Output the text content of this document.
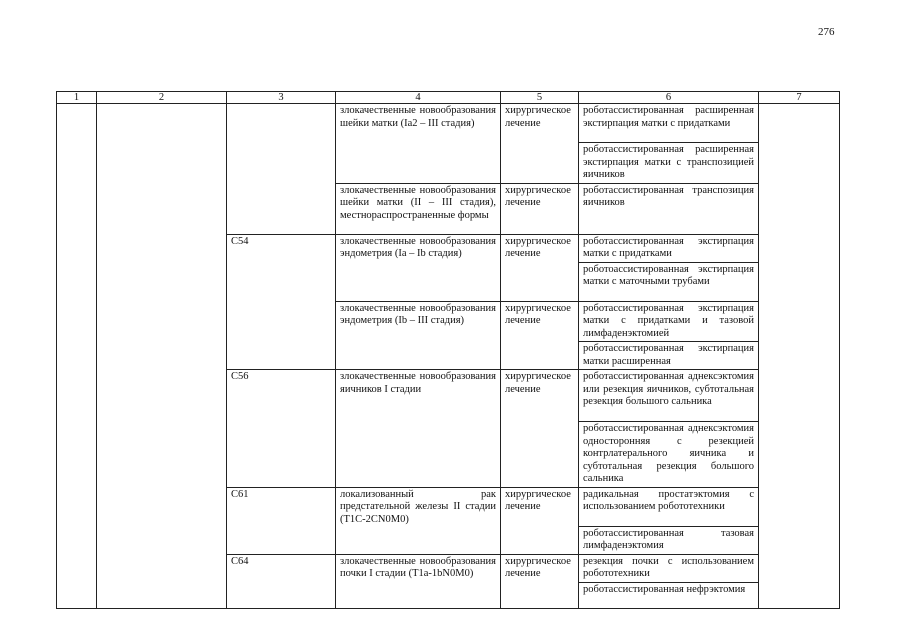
276
1	2	3	4	5	6	7
			злокачественные новообразования шейки матки (Ia2 – III стадия)	хирургическое лечение	роботассистированная расширенная экстирпация матки с придатками	
					роботассистированная расширенная экстирпация матки с транспозицией яичников	
			злокачественные новообразования шейки матки (II – III стадия), местнораспространенные формы	хирургическое лечение	роботассистированная транспозиция яичников	

		C54	злокачественные новообразования эндометрия (Ia – Ib стадия)	хирургическое лечение	роботассистированная экстирпация матки с придатками	
					роботоассистированная экстирпация матки с маточными трубами	
			злокачественные новообразования эндометрия (Ib – III стадия)	хирургическое лечение	роботассистированная экстирпация матки с придатками и тазовой лимфаденэктомией	
					роботассистированная экстирпация матки расширенная	
		C56	злокачественные новообразования яичников I стадии	хирургическое лечение	роботассистированная аднексэктомия или резекция яичников, субтотальная резекция большого сальника	
					роботассистированная аднексэктомия односторонняя с резекцией контрлатерального яичника и субтотальная резекция большого сальника	

		C61	локализованный рак предстательной железы II стадии (T1C-2CN0M0)	хирургическое лечение	радикальная простатэктомия с использованием робототехники	
					роботассистированная тазовая лимфаденэктомия	
		C64	злокачественные новообразования почки I стадии (T1a-1bN0M0)	хирургическое лечение	резекция почки с использованием робототехники	
					роботассистированная нефрэктомия	
